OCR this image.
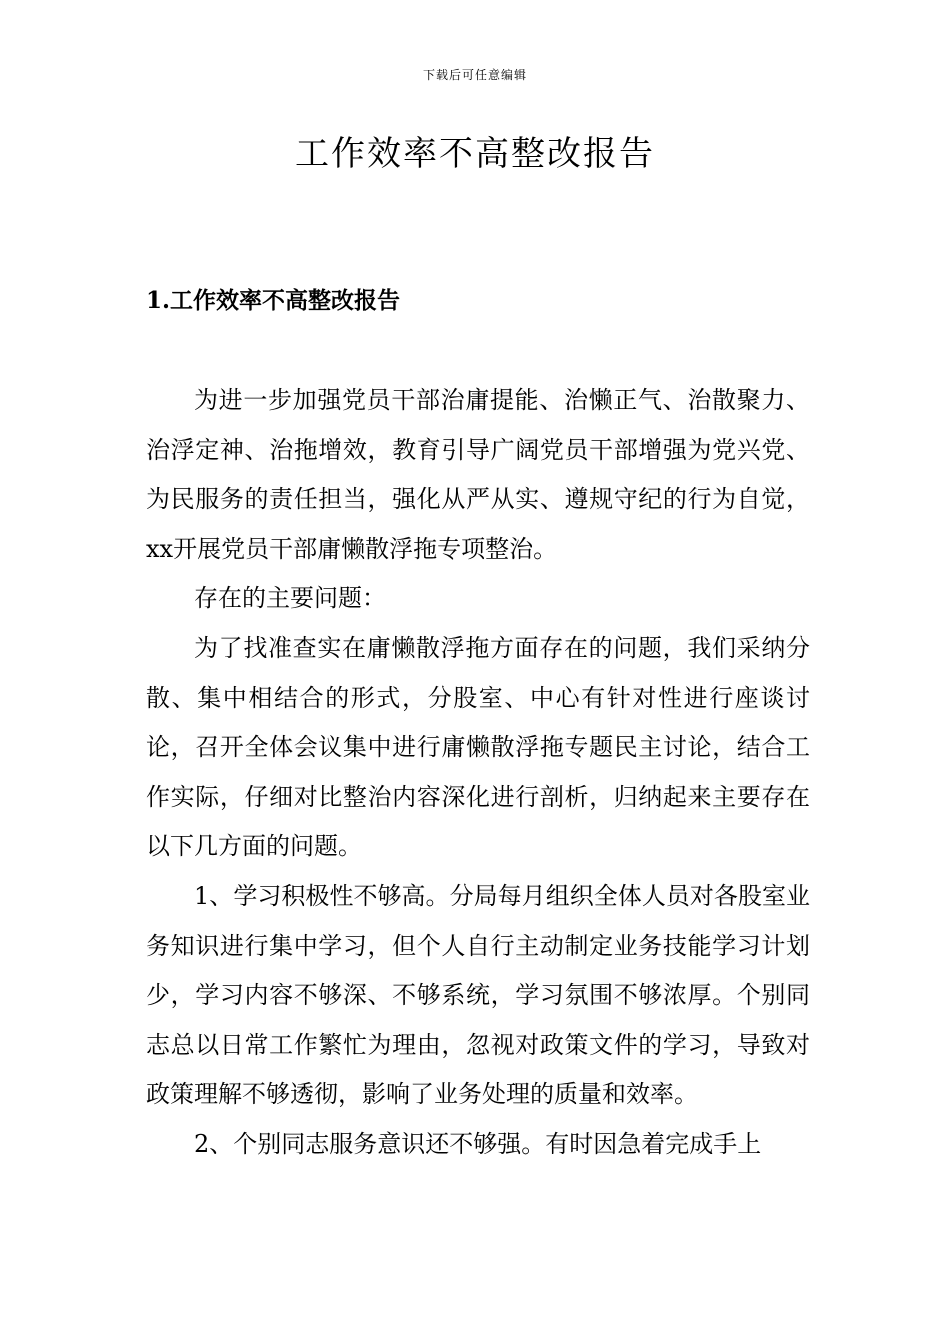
下载后可任意编辑
工作效率不高整改报告
1.工作效率不高整改报告

为进一步加强党员干部治庸提能、治懒正气、治散聚力、治浮定神、治拖增效，教育引导广阔党员干部增强为党兴党、为民服务的责任担当，强化从严从实、遵规守纪的行为自觉，xx开展党员干部庸懒散浮拖专项整治。

存在的主要问题：

为了找准查实在庸懒散浮拖方面存在的问题，我们采纳分散、集中相结合的形式，分股室、中心有针对性进行座谈讨论，召开全体会议集中进行庸懒散浮拖专题民主讨论，结合工作实际，仔细对比整治内容深化进行剖析，归纳起来主要存在以下几方面的问题。

1、学习积极性不够高。分局每月组织全体人员对各股室业务知识进行集中学习，但个人自行主动制定业务技能学习计划少，学习内容不够深、不够系统，学习氛围不够浓厚。个别同志总以日常工作繁忙为理由，忽视对政策文件的学习，导致对政策理解不够透彻，影响了业务处理的质量和效率。

2、个别同志服务意识还不够强。有时因急着完成手上
